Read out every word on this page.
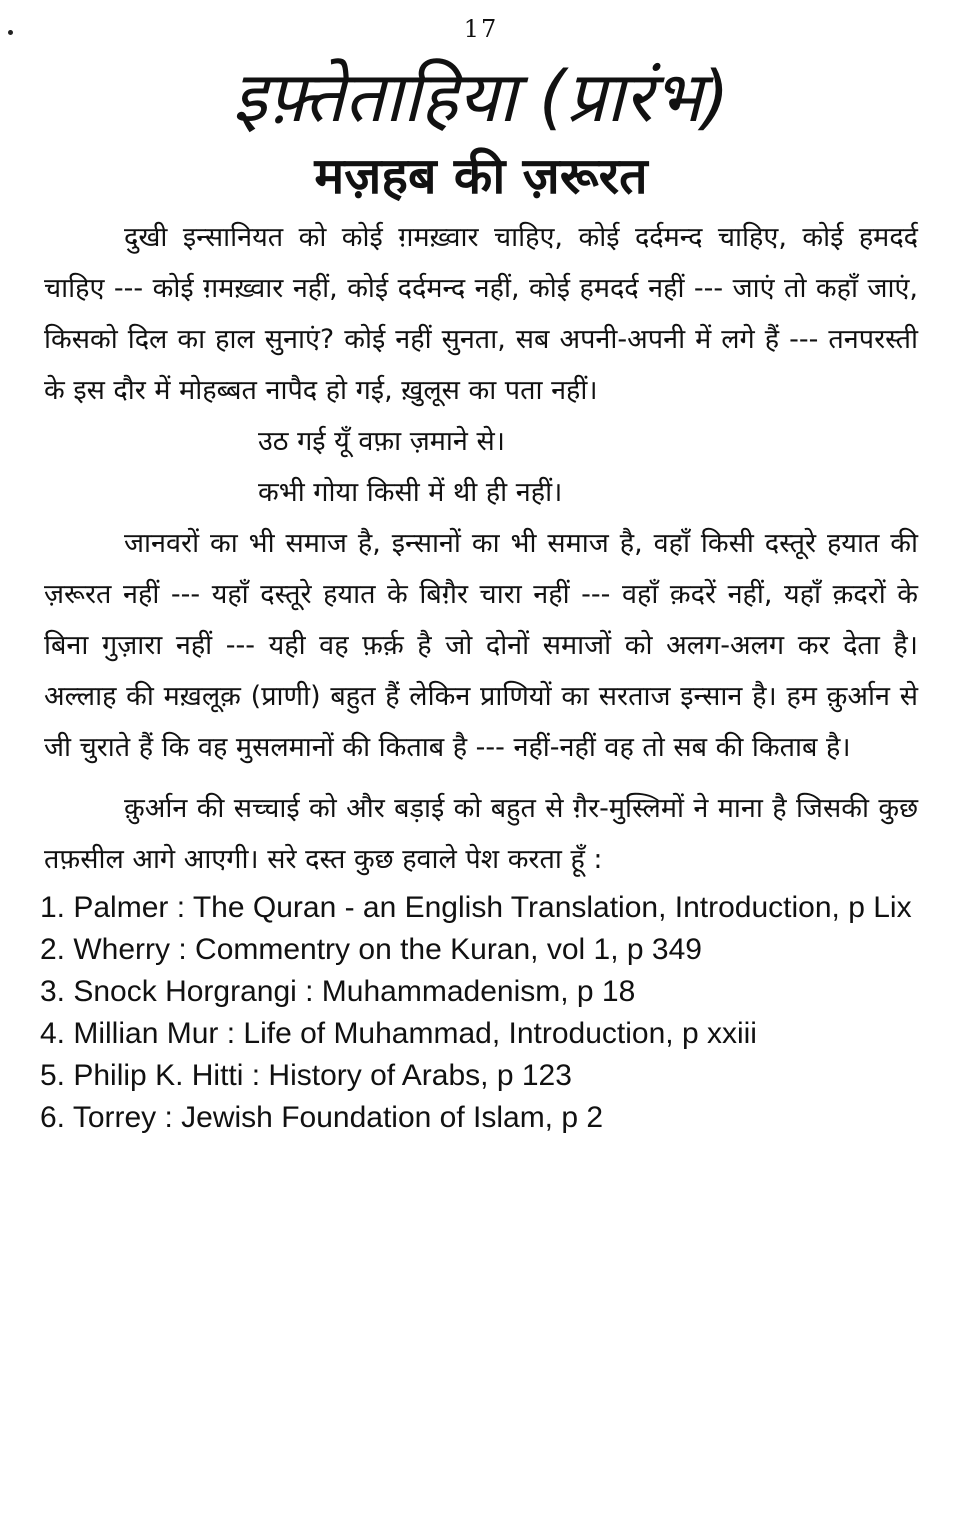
17
इफ़्तेताहिया (प्रारंभ)
मज़हब की ज़रूरत

दुखी इन्सानियत को कोई ग़मख़्वार चाहिए, कोई दर्दमन्द चाहिए, कोई हमदर्द चाहिए --- कोई ग़मख़्वार नहीं, कोई दर्दमन्द नहीं, कोई हमदर्द नहीं --- जाएं तो कहाँ जाएं, किसको दिल का हाल सुनाएं? कोई नहीं सुनता, सब अपनी-अपनी में लगे हैं --- तनपरस्ती के इस दौर में मोहब्बत नापैद हो गई, ख़ुलूस का पता नहीं।

उठ गई यूँ वफ़ा ज़माने से।
कभी गोया किसी में थी ही नहीं।

जानवरों का भी समाज है, इन्सानों का भी समाज है, वहाँ किसी दस्तूरे हयात की ज़रूरत नहीं --- यहाँ दस्तूरे हयात के बिग़ैर चारा नहीं --- वहाँ क़दरें नहीं, यहाँ क़दरों के बिना गुज़ारा नहीं --- यही वह फ़र्क़ है जो दोनों समाजों को अलग-अलग कर देता है। अल्लाह की मख़लूक़ (प्राणी) बहुत हैं लेकिन प्राणियों का सरताज इन्सान है। हम क़ुर्आन से जी चुराते हैं कि वह मुसलमानों की किताब है --- नहीं-नहीं वह तो सब की किताब है।

क़ुर्आन की सच्चाई को और बड़ाई को बहुत से ग़ैर-मुस्लिमों ने माना है जिसकी कुछ तफ़सील आगे आएगी। सरे दस्त कुछ हवाले पेश करता हूँ :

1. Palmer : The Quran - an English Translation, Introduction, p Lix
2. Wherry : Commentry on the Kuran, vol 1, p 349
3. Snock Horgrangi : Muhammadenism, p 18
4. Millian Mur : Life of Muhammad, Introduction, p xxiii
5. Philip K. Hitti : History of Arabs, p 123
6. Torrey : Jewish Foundation of Islam, p 2
